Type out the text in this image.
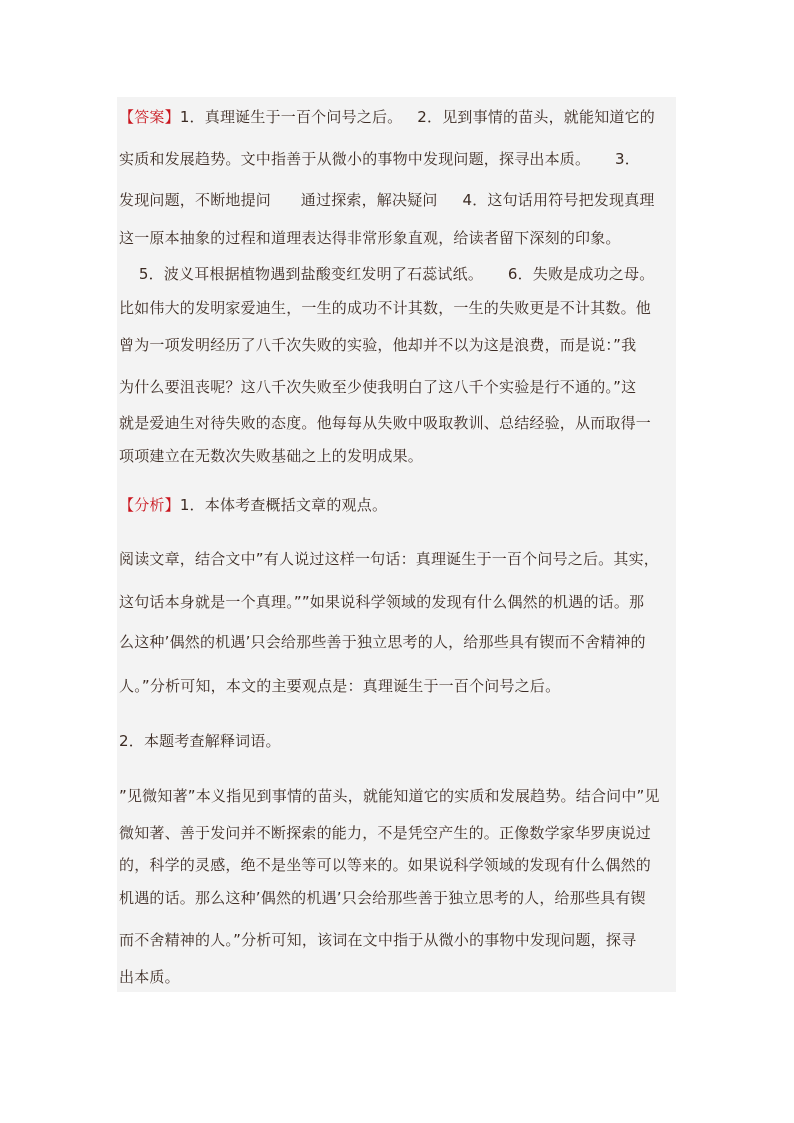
【答案】1．真理诞生于一百个问号之后。   2．见到事情的苗头，就能知道它的
实质和发展趋势。文中指善于从微小的事物中发现问题，探寻出本质。     3．
发现问题，不断地提问      通过探索，解决疑问     4．这句话用符号把发现真理
这一原本抽象的过程和道理表达得非常形象直观，给读者留下深刻的印象。
5．波义耳根据植物遇到盐酸变红发明了石蕊试纸。     6．失败是成功之母。
比如伟大的发明家爱迪生，一生的成功不计其数，一生的失败更是不计其数。他
曾为一项发明经历了八千次失败的实验，他却并不以为这是浪费，而是说：”我
为什么要沮丧呢？这八千次失败至少使我明白了这八千个实验是行不通的。”这
就是爱迪生对待失败的态度。他每每从失败中吸取教训、总结经验，从而取得一
项项建立在无数次失败基础之上的发明成果。
【分析】1．本体考查概括文章的观点。
阅读文章，结合文中”有人说过这样一句话：真理诞生于一百个问号之后。其实，
这句话本身就是一个真理。””如果说科学领域的发现有什么偶然的机遇的话。那
么这种’偶然的机遇’只会给那些善于独立思考的人，给那些具有锲而不舍精神的
人。”分析可知，本文的主要观点是：真理诞生于一百个问号之后。
2．本题考查解释词语。
”见微知著”本义指见到事情的苗头，就能知道它的实质和发展趋势。结合问中”见
微知著、善于发问并不断探索的能力，不是凭空产生的。正像数学家华罗庚说过
的，科学的灵感，绝不是坐等可以等来的。如果说科学领域的发现有什么偶然的
机遇的话。那么这种’偶然的机遇’只会给那些善于独立思考的人，给那些具有锲
而不舍精神的人。”分析可知，该词在文中指于从微小的事物中发现问题，探寻
出本质。
